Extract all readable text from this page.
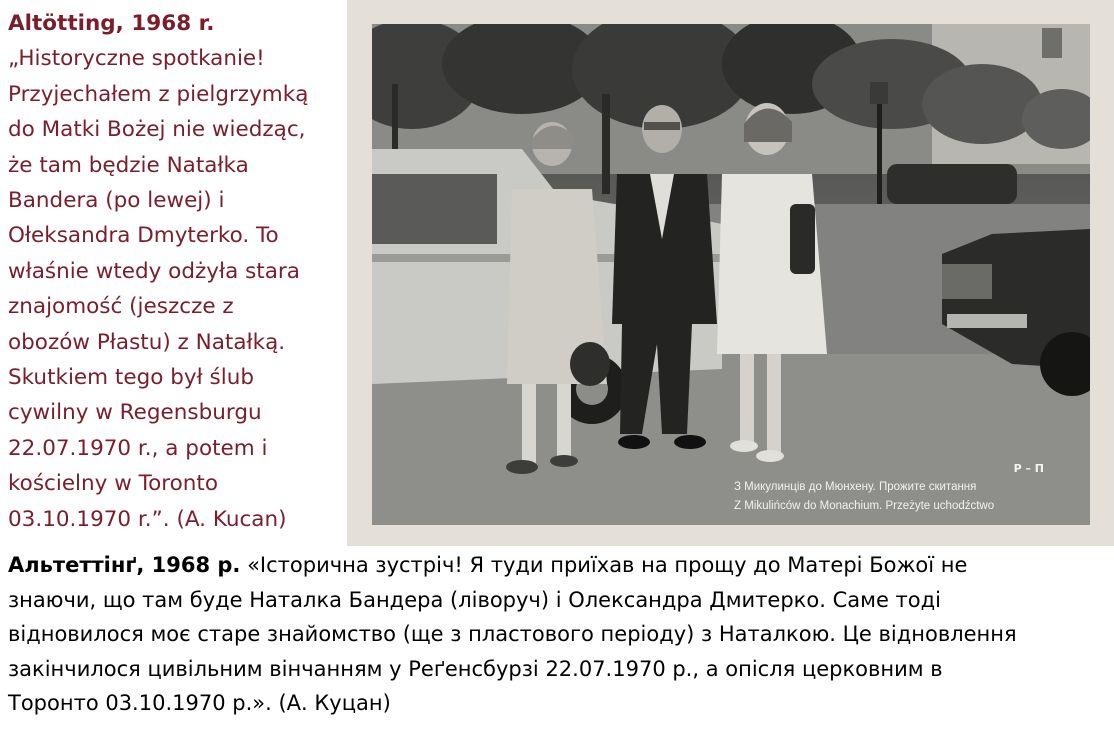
Altötting, 1968 r.
„Historyczne spotkanie!
Przyjechałem z pielgrzymką
do Matki Bożej nie wiedząc,
że tam będzie Natałka
Bandera (po lewej) i
Ołeksandra Dmyterko. To
właśnie wtedy odżyła stara
znajomość (jeszcze z
obozów Płastu) z Natałką.
Skutkiem tego był ślub
cywilny w Regensburgu
22.07.1970 r., a potem i
kościelny w Toronto
03.10.1970 r.”. (A. Kucan)
Р – П
З Микулинців до Мюнхену. Прожите скитання
Z Mikulińców do Monachium. Przeżyte uchodźctwo
Альтеттінґ, 1968 р. «Історична зустріч! Я туди приїхав на прощу до Матері Божої не
знаючи, що там буде Наталка Бандера (ліворуч) і Олександра Дмитерко. Саме тоді
відновилося моє старе знайомство (ще з пластового періоду) з Наталкою. Це відновлення
закінчилося цивільним вінчанням у Реґенсбурзі 22.07.1970 р., а опісля церковним в
Торонто 03.10.1970 р.». (А. Куцан)
